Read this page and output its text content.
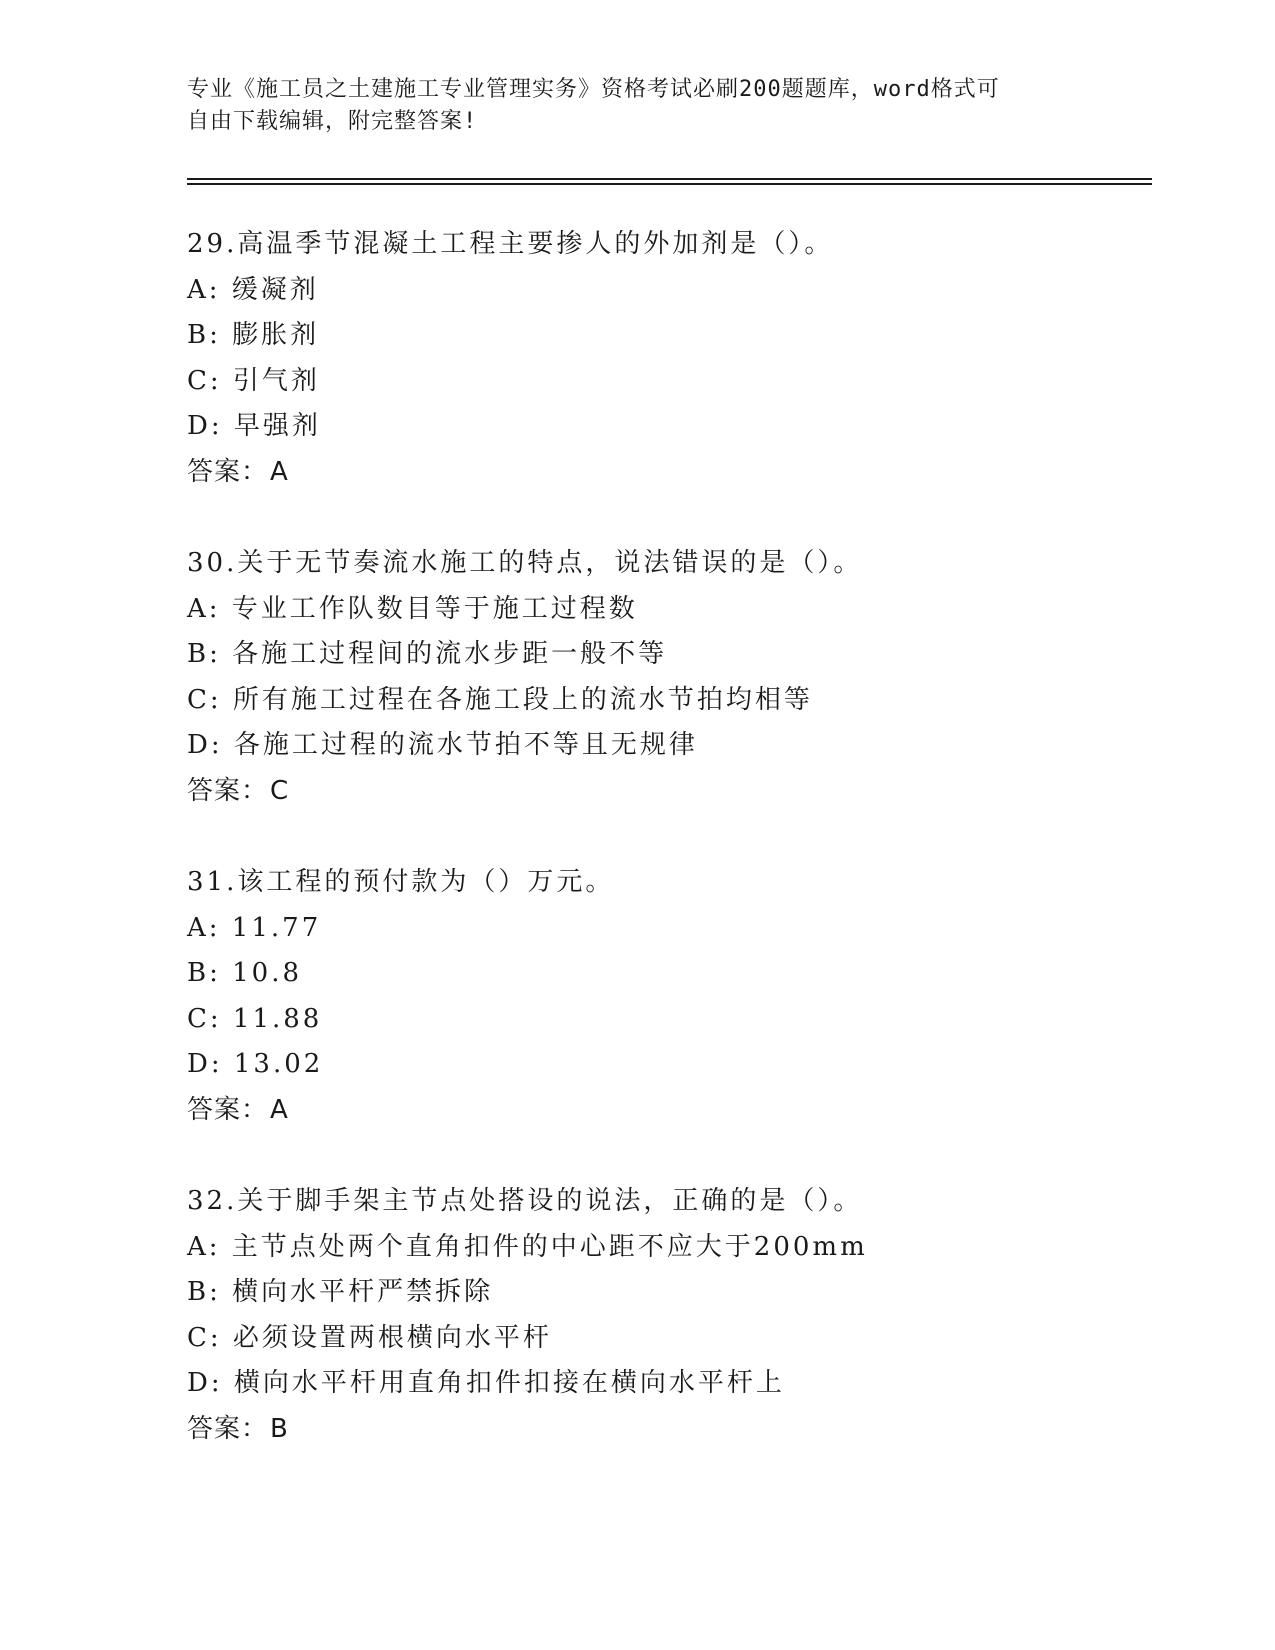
专业《施工员之土建施工专业管理实务》资格考试必刷200题题库，word格式可
自由下载编辑，附完整答案!
29.高温季节混凝土工程主要掺人的外加剂是（）。
A: 缓凝剂
B: 膨胀剂
C: 引气剂
D: 早强剂
答案：A
30.关于无节奏流水施工的特点，说法错误的是（）。
A: 专业工作队数目等于施工过程数
B: 各施工过程间的流水步距一般不等
C: 所有施工过程在各施工段上的流水节拍均相等
D: 各施工过程的流水节拍不等且无规律
答案：C
31.该工程的预付款为（）万元。
A: 11.77
B: 10.8
C: 11.88
D: 13.02
答案：A
32.关于脚手架主节点处搭设的说法，正确的是（）。
A: 主节点处两个直角扣件的中心距不应大于200mm
B: 横向水平杆严禁拆除
C: 必须设置两根横向水平杆
D: 横向水平杆用直角扣件扣接在横向水平杆上
答案：B
